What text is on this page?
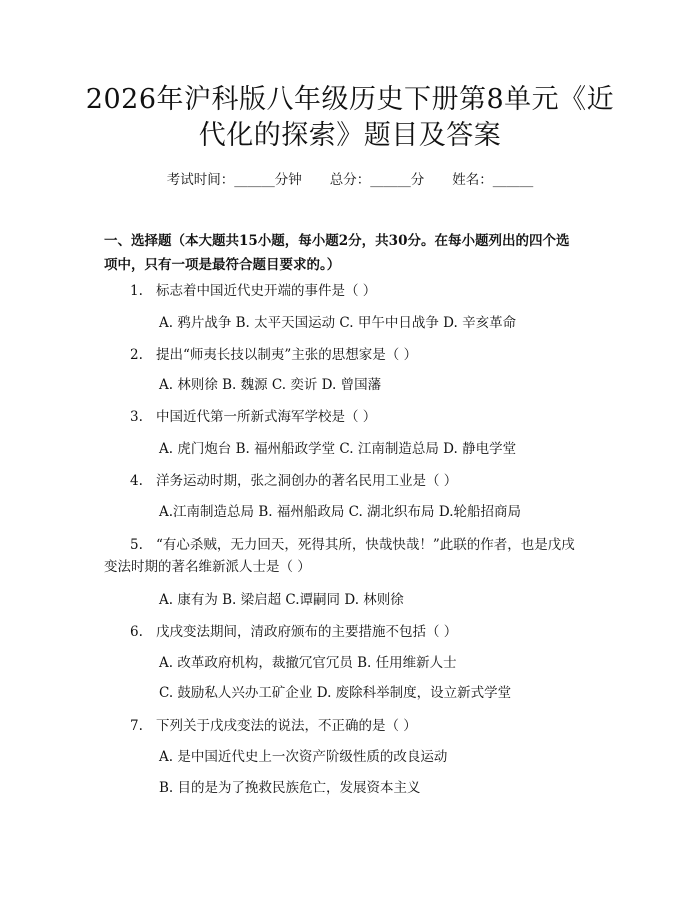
2026年沪科版八年级历史下册第8单元《近
代化的探索》题目及答案
考试时间：______分钟 总分：______分 姓名：______
一、选择题（本大题共15小题，每小题2分，共30分。在每小题列出的四个选
项中，只有一项是最符合题目要求的。）
1. 标志着中国近代史开端的事件是（ ）
A. 鸦片战争 B. 太平天国运动 C. 甲午中日战争 D. 辛亥革命
2. 提出“师夷长技以制夷”主张的思想家是（ ）
A. 林则徐 B. 魏源 C. 奕䜣 D. 曾国藩
3. 中国近代第一所新式海军学校是（ ）
A. 虎门炮台 B. 福州船政学堂 C. 江南制造总局 D. 静电学堂
4. 洋务运动时期，张之洞创办的著名民用工业是（ ）
A.江南制造总局 B. 福州船政局 C. 湖北织布局 D.轮船招商局
5. “有心杀贼，无力回天，死得其所，快哉快哉！”此联的作者，也是戊戌
变法时期的著名维新派人士是（ ）
A. 康有为 B. 梁启超 C.谭嗣同 D. 林则徐
6. 戊戌变法期间，清政府颁布的主要措施不包括（ ）
A. 改革政府机构，裁撤冗官冗员 B. 任用维新人士
C. 鼓励私人兴办工矿企业 D. 废除科举制度，设立新式学堂
7. 下列关于戊戌变法的说法，不正确的是（ ）
A. 是中国近代史上一次资产阶级性质的改良运动
B. 目的是为了挽救民族危亡，发展资本主义
